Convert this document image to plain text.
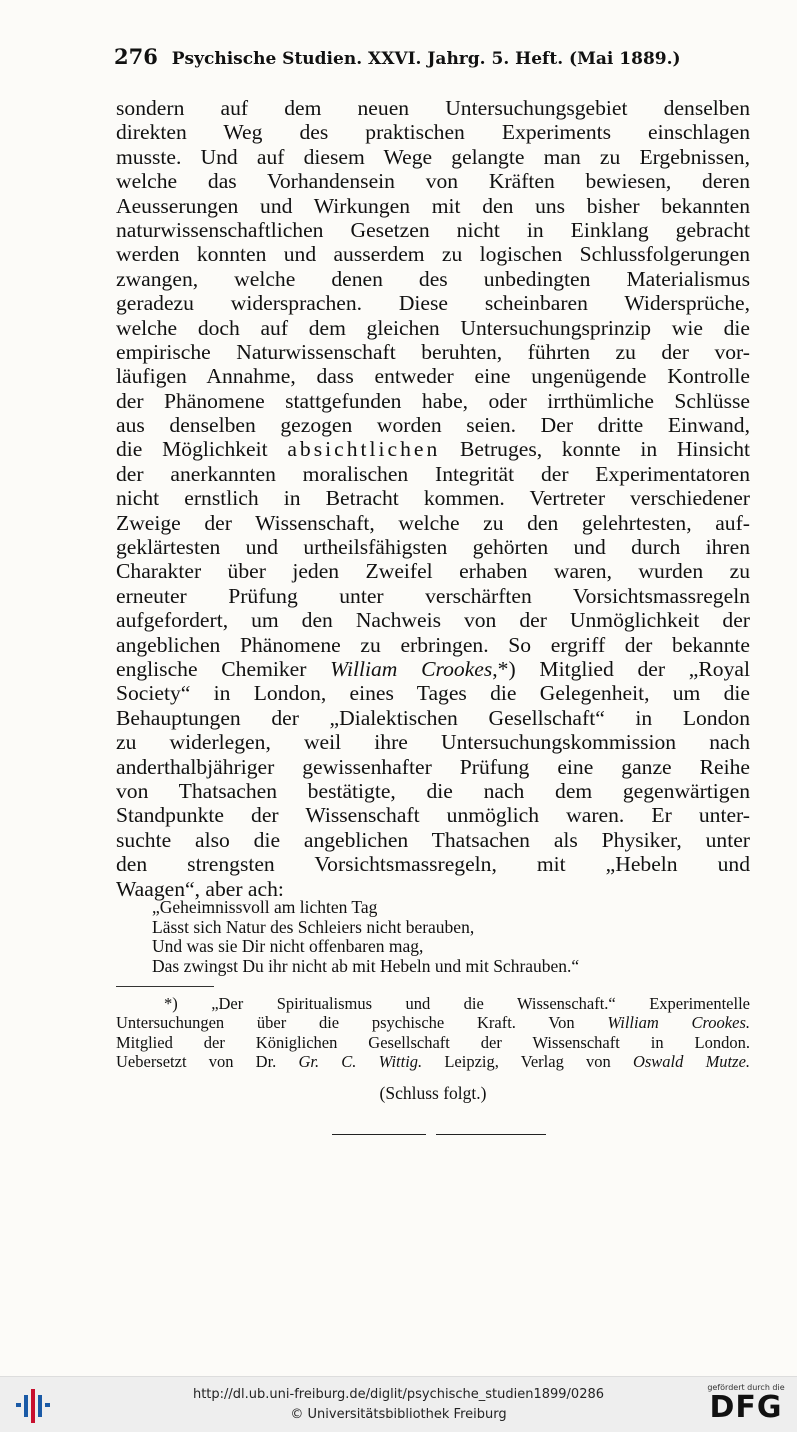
276 Psychische Studien. XXVI. Jahrg. 5. Heft. (Mai 1889.)
sondern auf dem neuen Untersuchungsgebiet denselben
direkten Weg des praktischen Experiments einschlagen
musste. Und auf diesem Wege gelangte man zu Ergebnissen,
welche das Vorhandensein von Kräften bewiesen, deren
Aeusserungen und Wirkungen mit den uns bisher bekannten
naturwissenschaftlichen Gesetzen nicht in Einklang gebracht
werden konnten und ausserdem zu logischen Schlussfolgerungen
zwangen, welche denen des unbedingten Materialismus
geradezu widersprachen. Diese scheinbaren Widersprüche,
welche doch auf dem gleichen Untersuchungsprinzip wie die
empirische Naturwissenschaft beruhten, führten zu der vor-
läufigen Annahme, dass entweder eine ungenügende Kontrolle
der Phänomene stattgefunden habe, oder irrthümliche Schlüsse
aus denselben gezogen worden seien. Der dritte Einwand,
die Möglichkeit absichtlichen Betruges, konnte in Hinsicht
der anerkannten moralischen Integrität der Experimentatoren
nicht ernstlich in Betracht kommen. Vertreter verschiedener
Zweige der Wissenschaft, welche zu den gelehrtesten, auf-
geklärtesten und urtheilsfähigsten gehörten und durch ihren
Charakter über jeden Zweifel erhaben waren, wurden zu
erneuter Prüfung unter verschärften Vorsichtsmassregeln
aufgefordert, um den Nachweis von der Unmöglichkeit der
angeblichen Phänomene zu erbringen. So ergriff der bekannte
englische Chemiker William Crookes,*) Mitglied der „Royal
Society“ in London, eines Tages die Gelegenheit, um die
Behauptungen der „Dialektischen Gesellschaft“ in London
zu widerlegen, weil ihre Untersuchungskommission nach
anderthalbjähriger gewissenhafter Prüfung eine ganze Reihe
von Thatsachen bestätigte, die nach dem gegenwärtigen
Standpunkte der Wissenschaft unmöglich waren. Er unter-
suchte also die angeblichen Thatsachen als Physiker, unter
den strengsten Vorsichtsmassregeln, mit „Hebeln und
Waagen“, aber ach:
„Geheimnissvoll am lichten Tag
Lässt sich Natur des Schleiers nicht berauben,
Und was sie Dir nicht offenbaren mag,
Das zwingst Du ihr nicht ab mit Hebeln und mit Schrauben.“
*) „Der Spiritualismus und die Wissenschaft.“ Experimentelle
Untersuchungen über die psychische Kraft. Von William Crookes.
Mitglied der Königlichen Gesellschaft der Wissenschaft in London.
Uebersetzt von Dr. Gr. C. Wittig. Leipzig, Verlag von Oswald Mutze.
(Schluss folgt.)
http://dl.ub.uni-freiburg.de/diglit/psychische_studien1899/0286
© Universitätsbibliothek Freiburg
gefördert durch die
DFG
